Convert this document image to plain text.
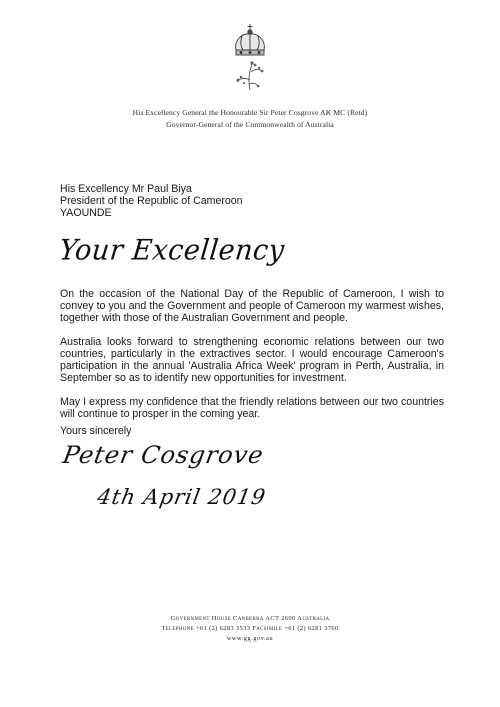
His Excellency General the Honourable Sir Peter Cosgrove AK MC (Retd)
Governor-General of the Commonwealth of Australia
His Excellency Mr Paul Biya
President of the Republic of Cameroon
YAOUNDE
Your Excellency

On the occasion of the National Day of the Republic of Cameroon, I wish to convey to you and the Government and people of Cameroon my warmest wishes, together with those of the Australian Government and people.

Australia looks forward to strengthening economic relations between our two countries, particularly in the extractives sector. I would encourage Cameroon's participation in the annual 'Australia Africa Week' program in Perth, Australia, in September so as to identify new opportunities for investment.

May I express my confidence that the friendly relations between our two countries will continue to prosper in the coming year.

Yours sincerely
Peter Cosgrove
4th April 2019
Government House Canberra ACT 2600 Australia
Telephone +61 (2) 6283 3533 Facsimile +61 (2) 6281 3760
www.gg.gov.au
